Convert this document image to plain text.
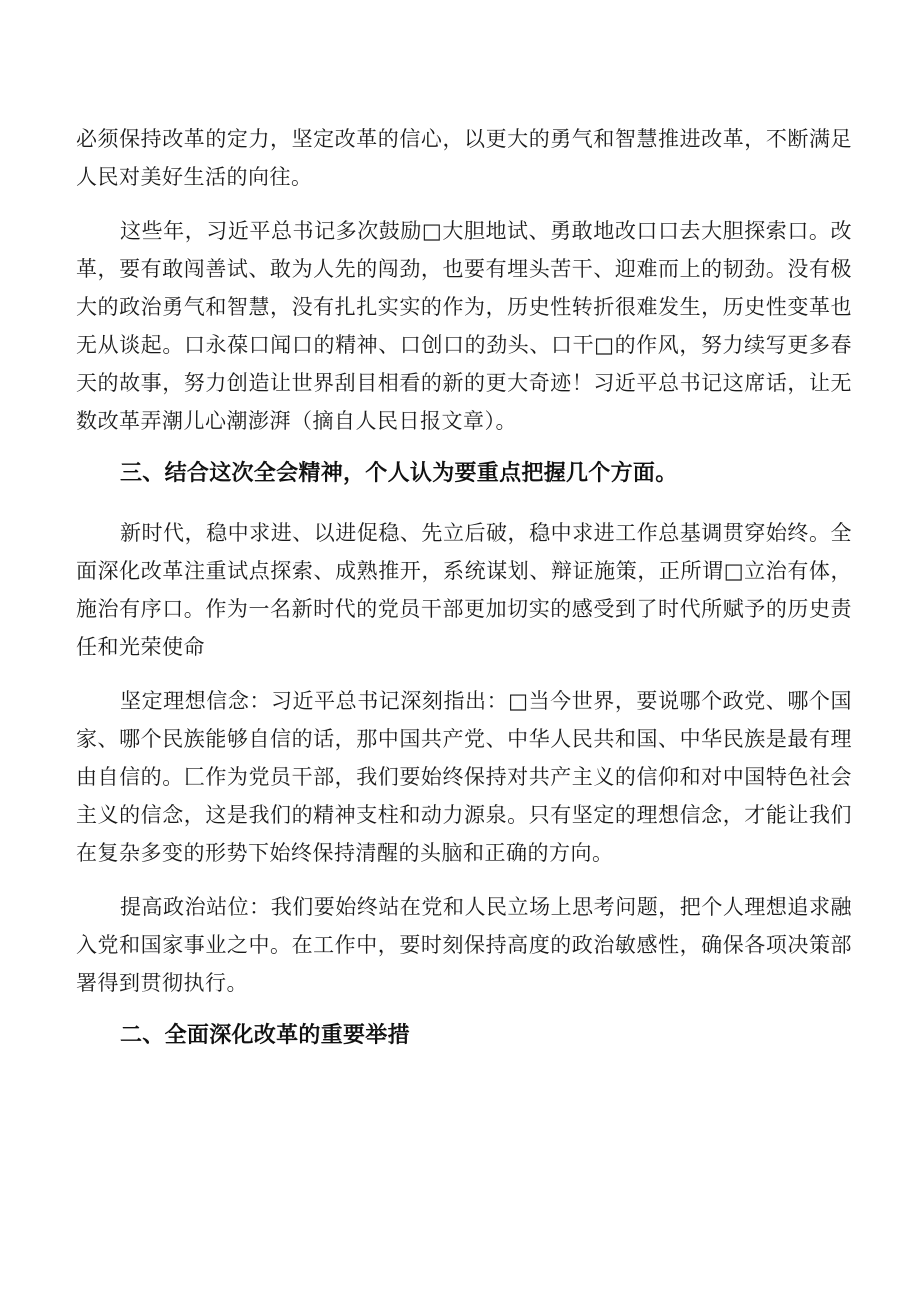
必须保持改革的定力，坚定改革的信心，以更大的勇气和智慧推进改革，不断满足人民对美好生活的向往。

这些年，习近平总书记多次鼓励□大胆地试、勇敢地改口口去大胆探索口。改革，要有敢闯善试、敢为人先的闯劲，也要有埋头苦干、迎难而上的韧劲。没有极大的政治勇气和智慧，没有扎扎实实的作为，历史性转折很难发生，历史性变革也无从谈起。口永葆口闻口的精神、口创口的劲头、口干□的作风，努力续写更多春天的故事，努力创造让世界刮目相看的新的更大奇迹！习近平总书记这席话，让无数改革弄潮儿心潮澎湃（摘自人民日报文章）。

三、结合这次全会精神，个人认为要重点把握几个方面。

新时代，稳中求进、以进促稳、先立后破，稳中求进工作总基调贯穿始终。全面深化改革注重试点探索、成熟推开，系统谋划、辩证施策，正所谓□立治有体，施治有序口。作为一名新时代的党员干部更加切实的感受到了时代所赋予的历史责任和光荣使命

坚定理想信念：习近平总书记深刻指出：□当今世界，要说哪个政党、哪个国家、哪个民族能够自信的话，那中国共产党、中华人民共和国、中华民族是最有理由自信的。匚作为党员干部，我们要始终保持对共产主义的信仰和对中国特色社会主义的信念，这是我们的精神支柱和动力源泉。只有坚定的理想信念，才能让我们在复杂多变的形势下始终保持清醒的头脑和正确的方向。

提高政治站位：我们要始终站在党和人民立场上思考问题，把个人理想追求融入党和国家事业之中。在工作中，要时刻保持高度的政治敏感性，确保各项决策部署得到贯彻执行。

二、全面深化改革的重要举措
